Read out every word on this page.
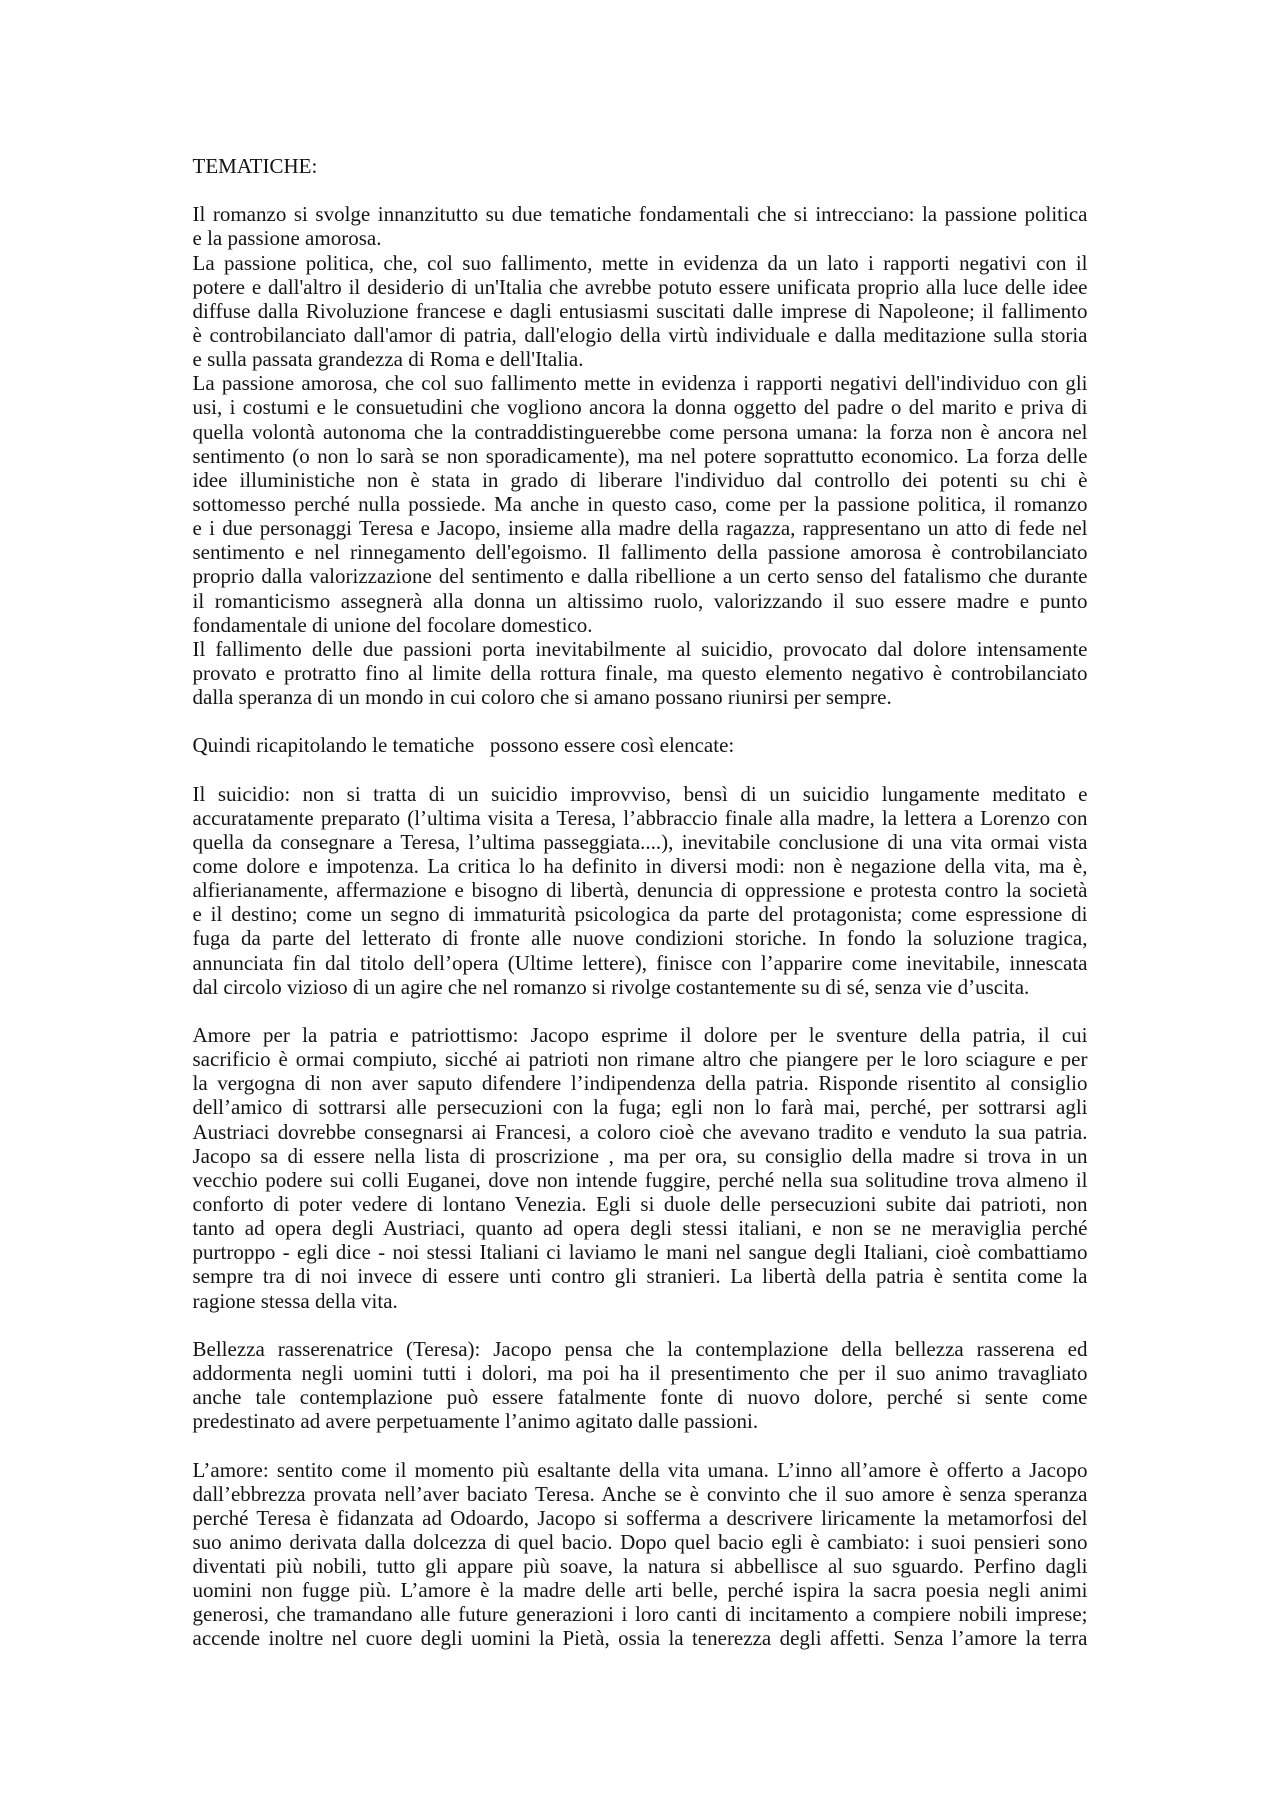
TEMATICHE:

Il romanzo si svolge innanzitutto su due tematiche fondamentali che si intrecciano: la passione politica
e la passione amorosa.

La passione politica, che, col suo fallimento, mette in evidenza da un lato i rapporti negativi con il
potere e dall'altro il desiderio di un'Italia che avrebbe potuto essere unificata proprio alla luce delle idee
diffuse dalla Rivoluzione francese e dagli entusiasmi suscitati dalle imprese di Napoleone; il fallimento
è controbilanciato dall'amor di patria, dall'elogio della virtù individuale e dalla meditazione sulla storia
e sulla passata grandezza di Roma e dell'Italia.

La passione amorosa, che col suo fallimento mette in evidenza i rapporti negativi dell'individuo con gli
usi, i costumi e le consuetudini che vogliono ancora la donna oggetto del padre o del marito e priva di
quella volontà autonoma che la contraddistinguerebbe come persona umana: la forza non è ancora nel
sentimento (o non lo sarà se non sporadicamente), ma nel potere soprattutto economico. La forza delle
idee illuministiche non è stata in grado di liberare l'individuo dal controllo dei potenti su chi è
sottomesso perché nulla possiede. Ma anche in questo caso, come per la passione politica, il romanzo
e i due personaggi Teresa e Jacopo, insieme alla madre della ragazza, rappresentano un atto di fede nel
sentimento e nel rinnegamento dell'egoismo. Il fallimento della passione amorosa è controbilanciato
proprio dalla valorizzazione del sentimento e dalla ribellione a un certo senso del fatalismo che durante
il romanticismo assegnerà alla donna un altissimo ruolo, valorizzando il suo essere madre e punto
fondamentale di unione del focolare domestico.

Il fallimento delle due passioni porta inevitabilmente al suicidio, provocato dal dolore intensamente
provato e protratto fino al limite della rottura finale, ma questo elemento negativo è controbilanciato
dalla speranza di un mondo in cui coloro che si amano possano riunirsi per sempre.

Quindi ricapitolando le tematiche   possono essere così elencate:

Il suicidio: non si tratta di un suicidio improvviso, bensì di un suicidio lungamente meditato e
accuratamente preparato (l’ultima visita a Teresa, l’abbraccio finale alla madre, la lettera a Lorenzo con
quella da consegnare a Teresa, l’ultima passeggiata....), inevitabile conclusione di una vita ormai vista
come dolore e impotenza. La critica lo ha definito in diversi modi: non è negazione della vita, ma è,
alfierianamente, affermazione e bisogno di libertà, denuncia di oppressione e protesta contro la società
e il destino; come un segno di immaturità psicologica da parte del protagonista; come espressione di
fuga da parte del letterato di fronte alle nuove condizioni storiche. In fondo la soluzione tragica,
annunciata fin dal titolo dell’opera (Ultime lettere), finisce con l’apparire come inevitabile, innescata
dal circolo vizioso di un agire che nel romanzo si rivolge costantemente su di sé, senza vie d’uscita.

Amore per la patria e patriottismo: Jacopo esprime il dolore per le sventure della patria, il cui
sacrificio è ormai compiuto, sicché ai patrioti non rimane altro che piangere per le loro sciagure e per
la vergogna di non aver saputo difendere l’indipendenza della patria. Risponde risentito al consiglio
dell’amico di sottrarsi alle persecuzioni con la fuga; egli non lo farà mai, perché, per sottrarsi agli
Austriaci dovrebbe consegnarsi ai Francesi, a coloro cioè che avevano tradito e venduto la sua patria.
Jacopo sa di essere nella lista di proscrizione , ma per ora, su consiglio della madre si trova in un
vecchio podere sui colli Euganei, dove non intende fuggire, perché nella sua solitudine trova almeno il
conforto di poter vedere di lontano Venezia. Egli si duole delle persecuzioni subite dai patrioti, non
tanto ad opera degli Austriaci, quanto ad opera degli stessi italiani, e non se ne meraviglia perché
purtroppo - egli dice - noi stessi Italiani ci laviamo le mani nel sangue degli Italiani, cioè combattiamo
sempre tra di noi invece di essere unti contro gli stranieri. La libertà della patria è sentita come la
ragione stessa della vita.

Bellezza rasserenatrice (Teresa): Jacopo pensa che la contemplazione della bellezza rasserena ed
addormenta negli uomini tutti i dolori, ma poi ha il presentimento che per il suo animo travagliato
anche tale contemplazione può essere fatalmente fonte di nuovo dolore, perché si sente come
predestinato ad avere perpetuamente l’animo agitato dalle passioni.

L’amore: sentito come il momento più esaltante della vita umana. L’inno all’amore è offerto a Jacopo
dall’ebbrezza provata nell’aver baciato Teresa. Anche se è convinto che il suo amore è senza speranza
perché Teresa è fidanzata ad Odoardo, Jacopo si sofferma a descrivere liricamente la metamorfosi del
suo animo derivata dalla dolcezza di quel bacio. Dopo quel bacio egli è cambiato: i suoi pensieri sono
diventati più nobili, tutto gli appare più soave, la natura si abbellisce al suo sguardo. Perfino dagli
uomini non fugge più. L’amore è la madre delle arti belle, perché ispira la sacra poesia negli animi
generosi, che tramandano alle future generazioni i loro canti di incitamento a compiere nobili imprese;
accende inoltre nel cuore degli uomini la Pietà, ossia la tenerezza degli affetti. Senza l’amore la terra
